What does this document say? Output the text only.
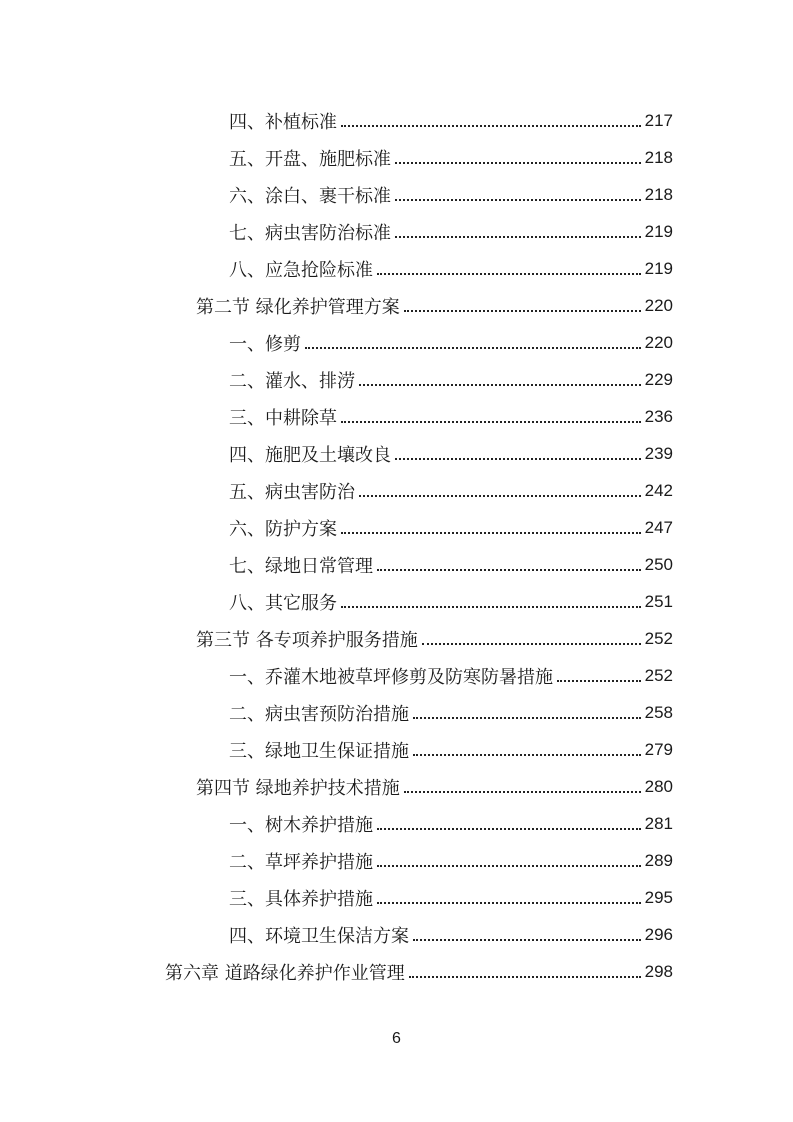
四、补植标准	217
五、开盘、施肥标准	218
六、涂白、裹干标准	218
七、病虫害防治标准	219
八、应急抢险标准	219
第二节 绿化养护管理方案	220
一、修剪	220
二、灌水、排涝	229
三、中耕除草	236
四、施肥及土壤改良	239
五、病虫害防治	242
六、防护方案	247
七、绿地日常管理	250
八、其它服务	251
第三节 各专项养护服务措施	252
一、乔灌木地被草坪修剪及防寒防暑措施	252
二、病虫害预防治措施	258
三、绿地卫生保证措施	279
第四节 绿地养护技术措施	280
一、树木养护措施	281
二、草坪养护措施	289
三、具体养护措施	295
四、环境卫生保洁方案	296
第六章 道路绿化养护作业管理	298
6
